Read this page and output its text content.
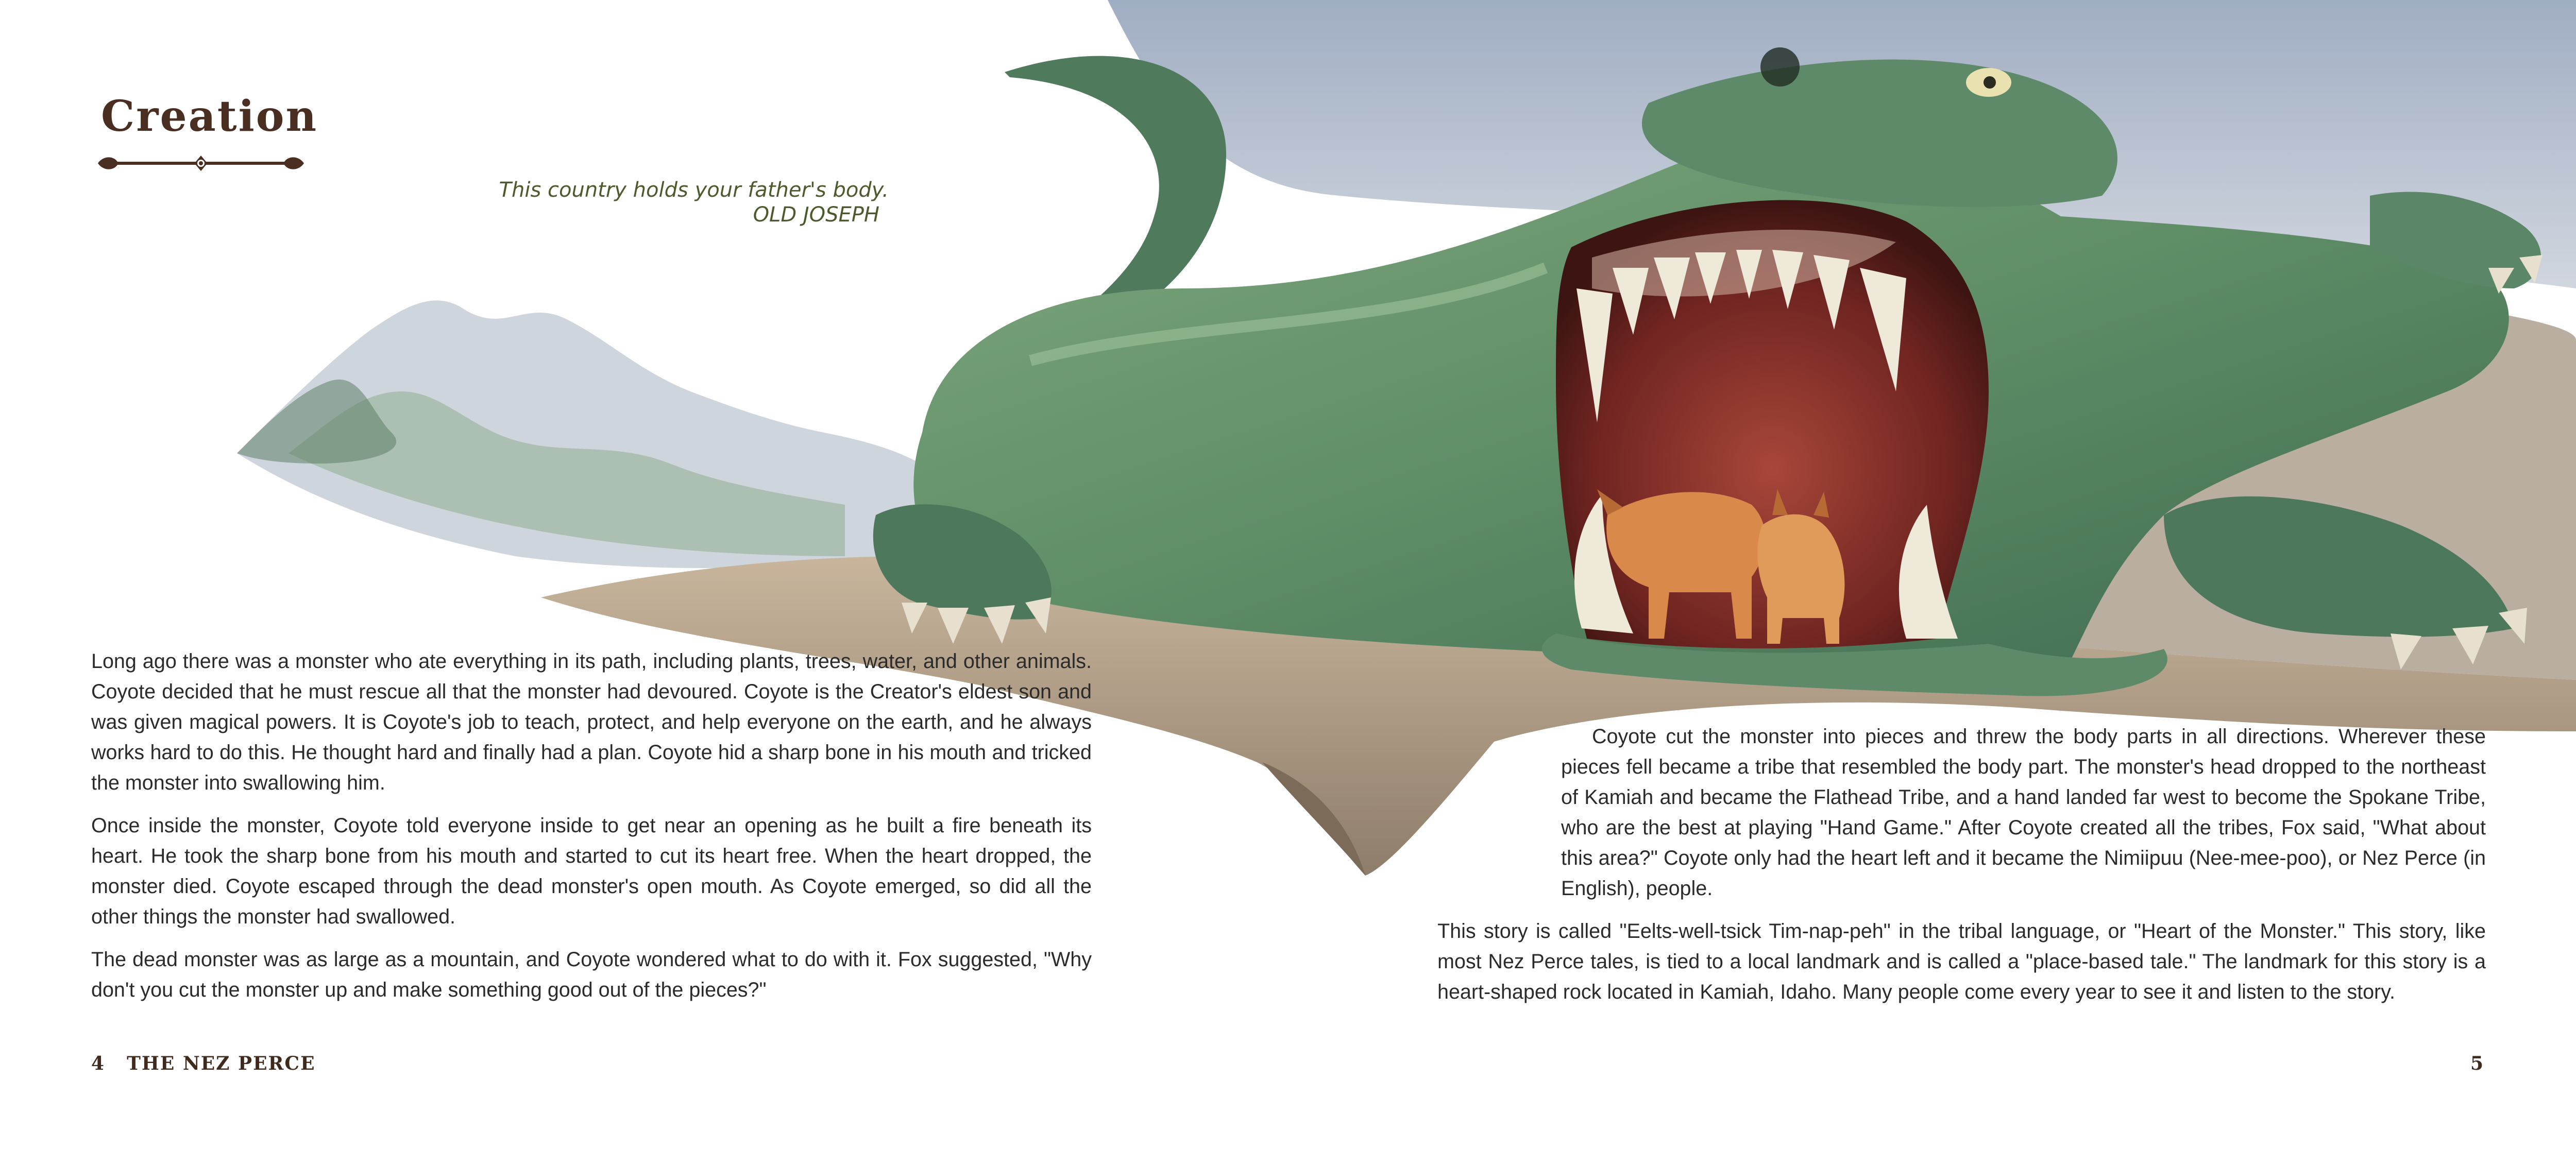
Creation
This country holds your father's body.
OLD JOSEPH

Long ago there was a monster who ate everything in its path, including plants, trees, water, and other animals. Coyote decided that he must rescue all that the monster had devoured. Coyote is the Creator's eldest son and was given magical powers. It is Coyote's job to teach, protect, and help everyone on the earth, and he always works hard to do this. He thought hard and finally had a plan. Coyote hid a sharp bone in his mouth and tricked the monster into swallowing him.

Once inside the monster, Coyote told everyone inside to get near an opening as he built a fire beneath its heart. He took the sharp bone from his mouth and started to cut its heart free. When the heart dropped, the monster died. Coyote escaped through the dead monster's open mouth. As Coyote emerged, so did all the other things the monster had swallowed.

The dead monster was as large as a mountain, and Coyote wondered what to do with it. Fox suggested, "Why don't you cut the monster up and make something good out of the pieces?"

Coyote cut the monster into pieces and threw the body parts in all directions. Wherever these pieces fell became a tribe that resembled the body part. The monster's head dropped to the northeast of Kamiah and became the Flathead Tribe, and a hand landed far west to become the Spokane Tribe, who are the best at playing "Hand Game." After Coyote created all the tribes, Fox said, "What about this area?" Coyote only had the heart left and it became the Nimiipuu (Nee-mee-poo), or Nez Perce (in English), people.

This story is called "Eelts-well-tsick Tim-nap-peh" in the tribal language, or "Heart of the Monster." This story, like most Nez Perce tales, is tied to a local landmark and is called a "place-based tale." The landmark for this story is a heart-shaped rock located in Kamiah, Idaho. Many people come every year to see it and listen to the story.

4 THE NEZ PERCE	5
